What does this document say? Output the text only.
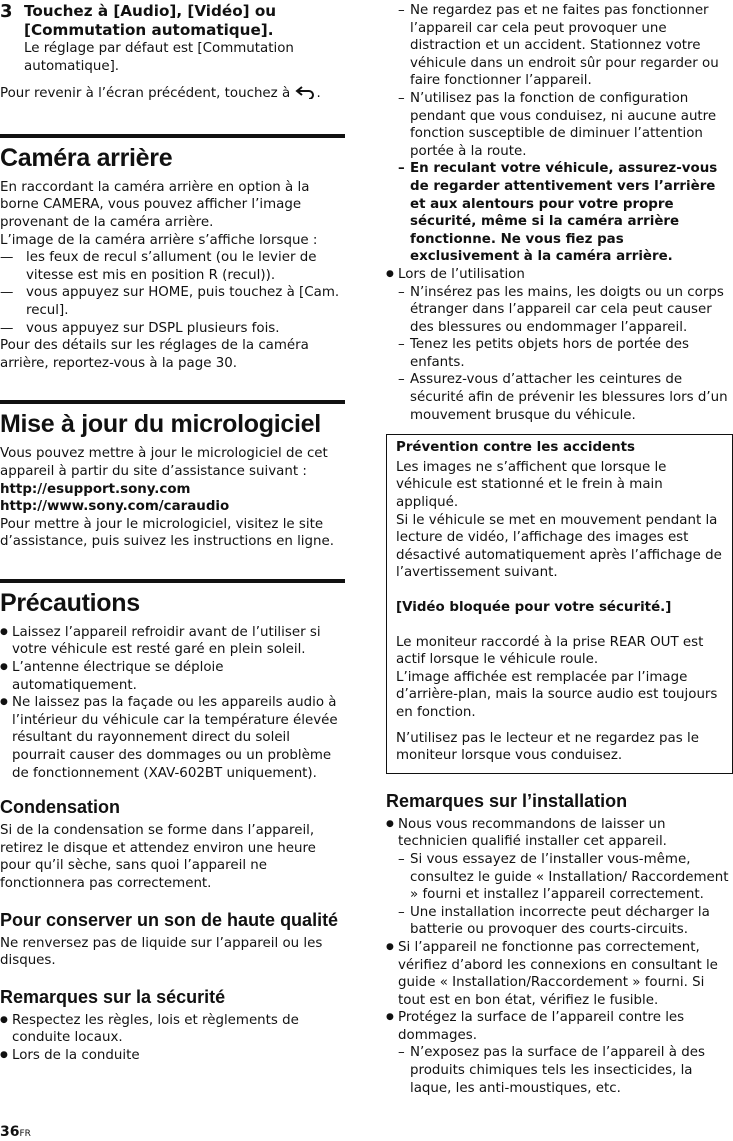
3 Touchez à [Audio], [Vidéo] ou
[Commutation automatique].
Le réglage par défaut est [Commutation
automatique].

Pour revenir à l’écran précédent, touchez à .

Caméra arrière

En raccordant la caméra arrière en option à la borne CAMERA, vous pouvez afficher l’image provenant de la caméra arrière.

L’image de la caméra arrière s’affiche lorsque :

— les feux de recul s’allument (ou le levier de vitesse est mis en position R (recul)).
— vous appuyez sur HOME, puis touchez à [Cam. recul].
— vous appuyez sur DSPL plusieurs fois.

Pour des détails sur les réglages de la caméra arrière, reportez-vous à la page 30.

Mise à jour du micrologiciel

Vous pouvez mettre à jour le micrologiciel de cet appareil à partir du site d’assistance suivant :

http://esupport.sony.com

http://www.sony.com/caraudio

Pour mettre à jour le micrologiciel, visitez le site d’assistance, puis suivez les instructions en ligne.

Précautions
● Laissez l’appareil refroidir avant de l’utiliser si votre véhicule est resté garé en plein soleil.
● L’antenne électrique se déploie automatiquement.
● Ne laissez pas la façade ou les appareils audio à l’intérieur du véhicule car la température élevée résultant du rayonnement direct du soleil pourrait causer des dommages ou un problème de fonctionnement (XAV-602BT uniquement).
Condensation

Si de la condensation se forme dans l’appareil, retirez le disque et attendez environ une heure pour qu’il sèche, sans quoi l’appareil ne fonctionnera pas correctement.

Pour conserver un son de haute qualité

Ne renversez pas de liquide sur l’appareil ou les disques.

Remarques sur la sécurité
● Respectez les règles, lois et règlements de conduite locaux.
● Lors de la conduite
– Ne regardez pas et ne faites pas fonctionner l’appareil car cela peut provoquer une distraction et un accident. Stationnez votre véhicule dans un endroit sûr pour regarder ou faire fonctionner l’appareil.
– N’utilisez pas la fonction de configuration pendant que vous conduisez, ni aucune autre fonction susceptible de diminuer l’attention portée à la route.
– En reculant votre véhicule, assurez-vous de regarder attentivement vers l’arrière et aux alentours pour votre propre sécurité, même si la caméra arrière fonctionne. Ne vous fiez pas exclusivement à la caméra arrière.
● Lors de l’utilisation
– N’insérez pas les mains, les doigts ou un corps étranger dans l’appareil car cela peut causer des blessures ou endommager l’appareil.
– Tenez les petits objets hors de portée des enfants.
– Assurez-vous d’attacher les ceintures de sécurité afin de prévenir les blessures lors d’un mouvement brusque du véhicule.

Prévention contre les accidents

Les images ne s’affichent que lorsque le véhicule est stationné et le frein à main appliqué.

Si le véhicule se met en mouvement pendant la lecture de vidéo, l’affichage des images est désactivé automatiquement après l’affichage de l’avertissement suivant.

[Vidéo bloquée pour votre sécurité.]

Le moniteur raccordé à la prise REAR OUT est actif lorsque le véhicule roule.

L’image affichée est remplacée par l’image d’arrière-plan, mais la source audio est toujours en fonction.

N’utilisez pas le lecteur et ne regardez pas le moniteur lorsque vous conduisez.

Remarques sur l’installation
● Nous vous recommandons de laisser un technicien qualifié installer cet appareil.
– Si vous essayez de l’installer vous-même, consultez le guide « Installation/ Raccordement » fourni et installez l’appareil correctement.
– Une installation incorrecte peut décharger la batterie ou provoquer des courts-circuits.
● Si l’appareil ne fonctionne pas correctement, vérifiez d’abord les connexions en consultant le guide « Installation/Raccordement » fourni. Si tout est en bon état, vérifiez le fusible.
● Protégez la surface de l’appareil contre les dommages.
– N’exposez pas la surface de l’appareil à des produits chimiques tels les insecticides, la laque, les anti-moustiques, etc.
36FR
